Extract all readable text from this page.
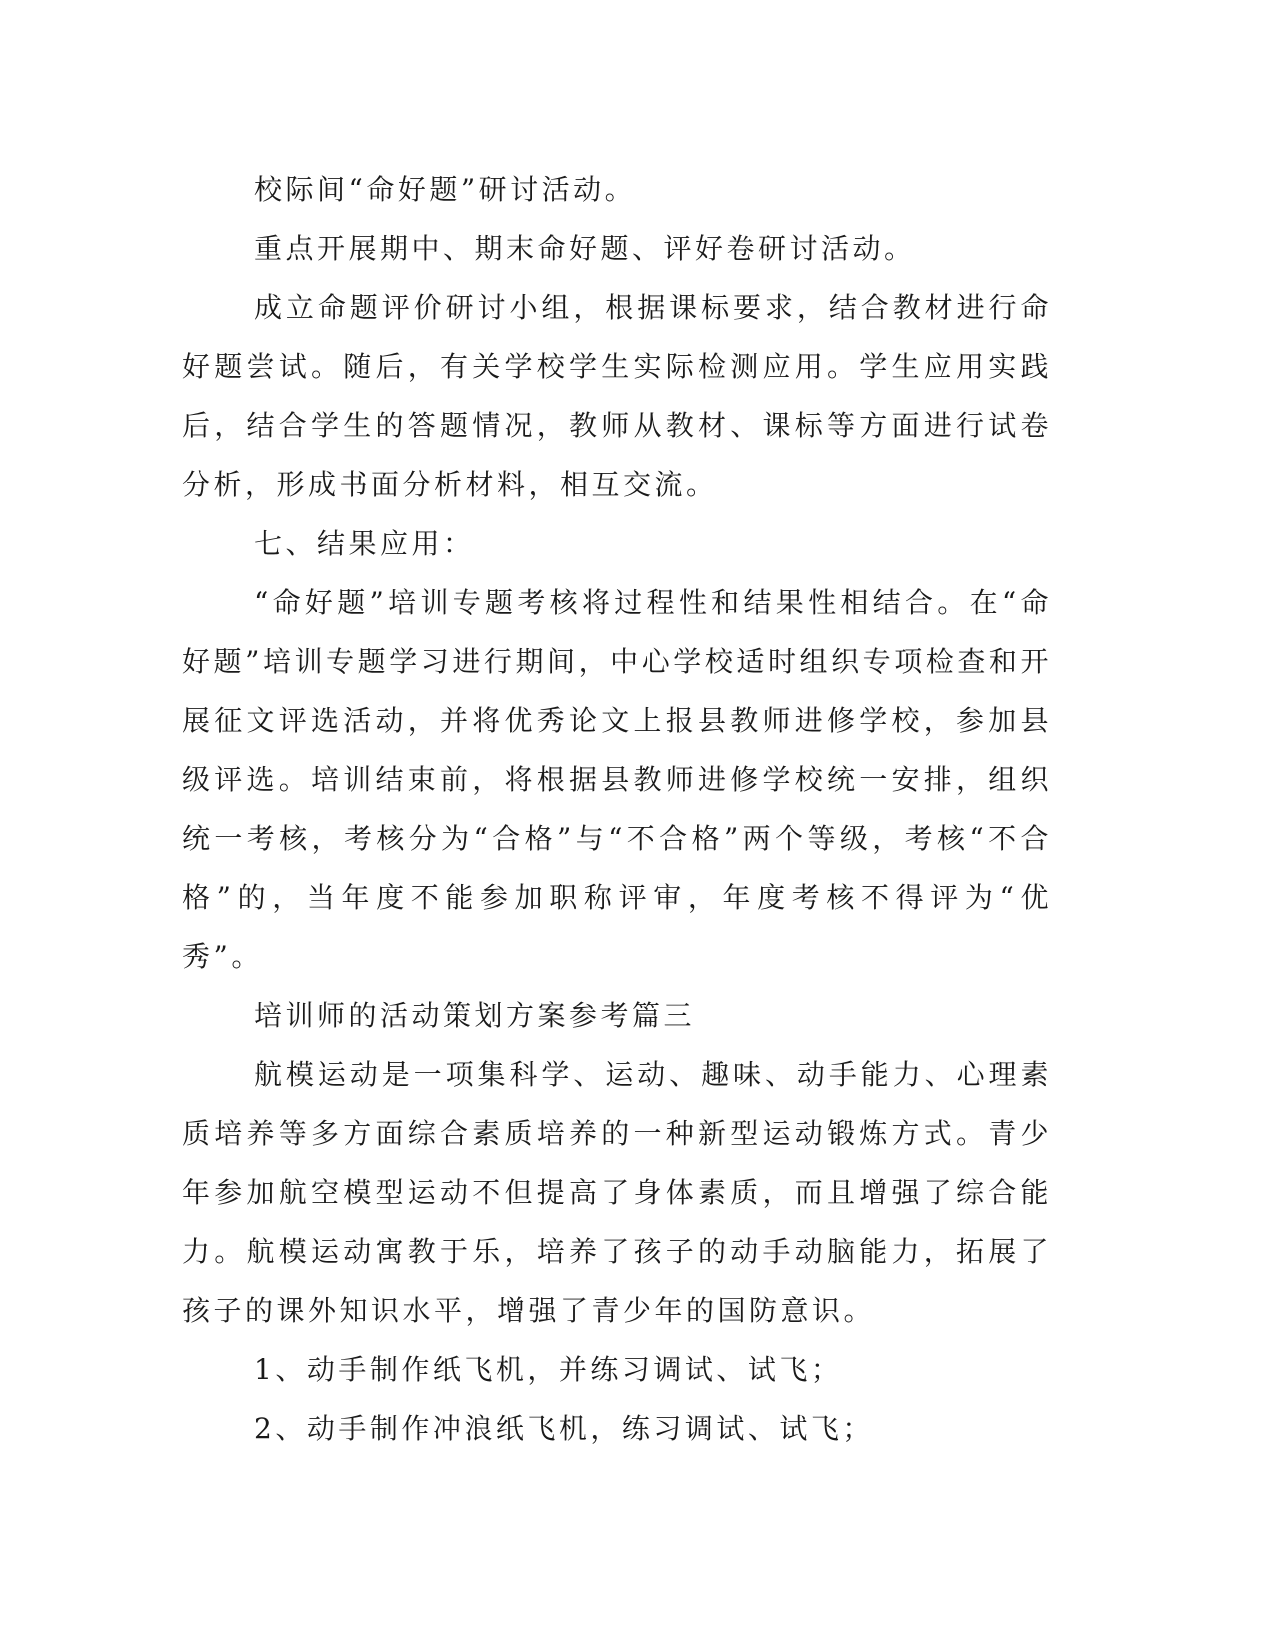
校际间“命好题”研讨活动。

重点开展期中、期末命好题、评好卷研讨活动。

成立命题评价研讨小组，根据课标要求，结合教材进行命好题尝试。随后，有关学校学生实际检测应用。学生应用实践后，结合学生的答题情况，教师从教材、课标等方面进行试卷分析，形成书面分析材料，相互交流。

七、结果应用：

“命好题”培训专题考核将过程性和结果性相结合。在“命好题”培训专题学习进行期间，中心学校适时组织专项检查和开展征文评选活动，并将优秀论文上报县教师进修学校，参加县级评选。培训结束前，将根据县教师进修学校统一安排，组织统一考核，考核分为“合格”与“不合格”两个等级，考核“不合格”的，当年度不能参加职称评审，年度考核不得评为“优秀”。

培训师的活动策划方案参考篇三

航模运动是一项集科学、运动、趣味、动手能力、心理素质培养等多方面综合素质培养的一种新型运动锻炼方式。青少年参加航空模型运动不但提高了身体素质，而且增强了综合能力。航模运动寓教于乐，培养了孩子的动手动脑能力，拓展了孩子的课外知识水平，增强了青少年的国防意识。

1、动手制作纸飞机，并练习调试、试飞；

2、动手制作冲浪纸飞机，练习调试、试飞；
